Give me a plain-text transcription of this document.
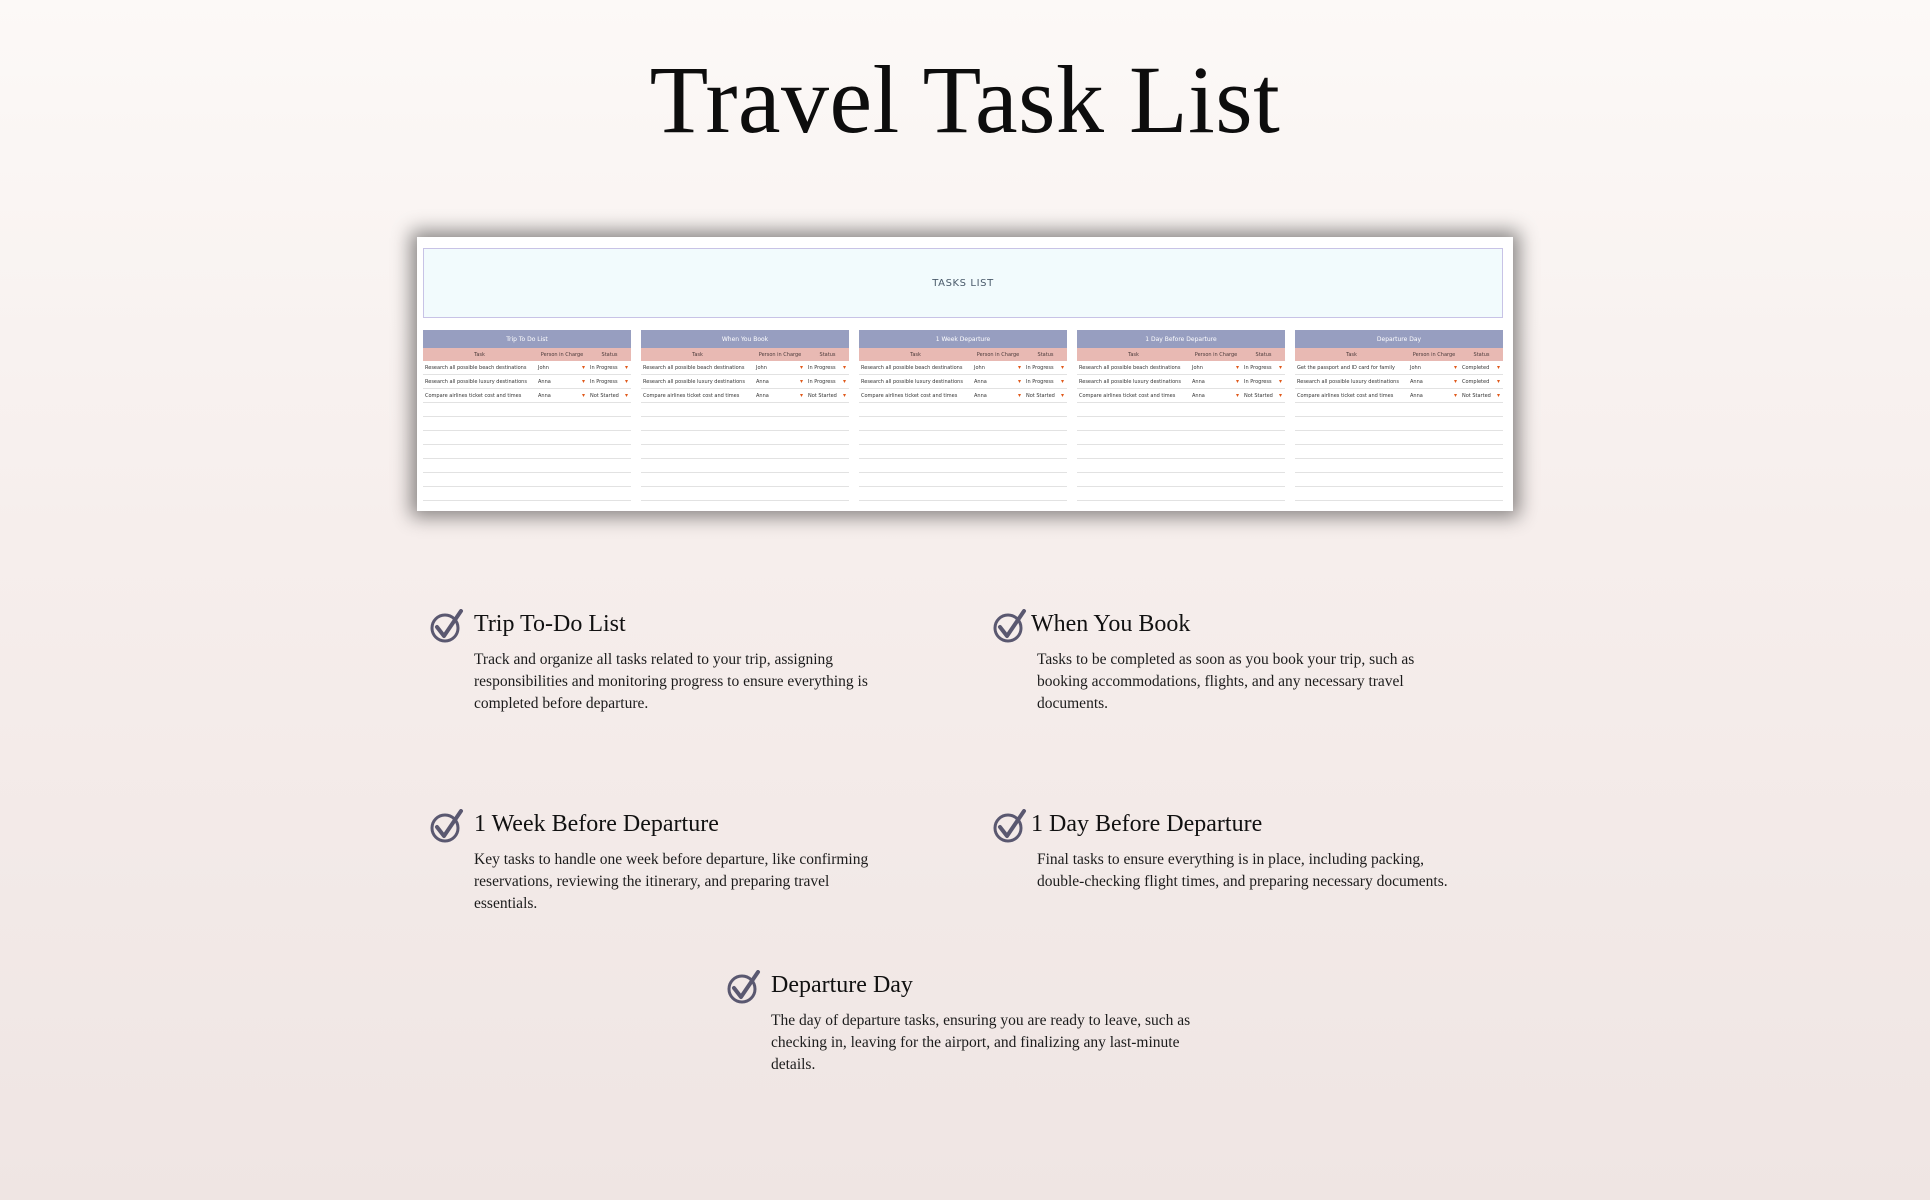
Travel Task List
TASKS LIST
Trip To Do List
Task	Person in Charge	Status
Research all possible beach destinations	John ▾	In Progress ▾
Research all possible luxury destinations	Anna ▾	In Progress ▾
Compare airlines ticket cost and times	Anna ▾	Not Started ▾
When You Book
Task	Person in Charge	Status
Research all possible beach destinations	John ▾	In Progress ▾
Research all possible luxury destinations	Anna ▾	In Progress ▾
Compare airlines ticket cost and times	Anna ▾	Not Started ▾
1 Week Departure
Task	Person in Charge	Status
Research all possible beach destinations	John ▾	In Progress ▾
Research all possible luxury destinations	Anna ▾	In Progress ▾
Compare airlines ticket cost and times	Anna ▾	Not Started ▾
1 Day Before Departure
Task	Person in Charge	Status
Research all possible beach destinations	John ▾	In Progress ▾
Research all possible luxury destinations	Anna ▾	In Progress ▾
Compare airlines ticket cost and times	Anna ▾	Not Started ▾
Departure Day
Task	Person in Charge	Status
Get the passport and ID card for family	John ▾	Completed ▾
Research all possible luxury destinations	Anna ▾	Completed ▾
Compare airlines ticket cost and times	Anna ▾	Not Started ▾
Trip To-Do List

Track and organize all tasks related to your trip, assigning responsibilities and monitoring progress to ensure everything is completed before departure.

When You Book

Tasks to be completed as soon as you book your trip, such as booking accommodations, flights, and any necessary travel documents.

1 Week Before Departure

Key tasks to handle one week before departure, like confirming reservations, reviewing the itinerary, and preparing travel essentials.

1 Day Before Departure

Final tasks to ensure everything is in place, including packing, double-checking flight times, and preparing necessary documents.

Departure Day

The day of departure tasks, ensuring you are ready to leave, such as checking in, leaving for the airport, and finalizing any last-minute details.
